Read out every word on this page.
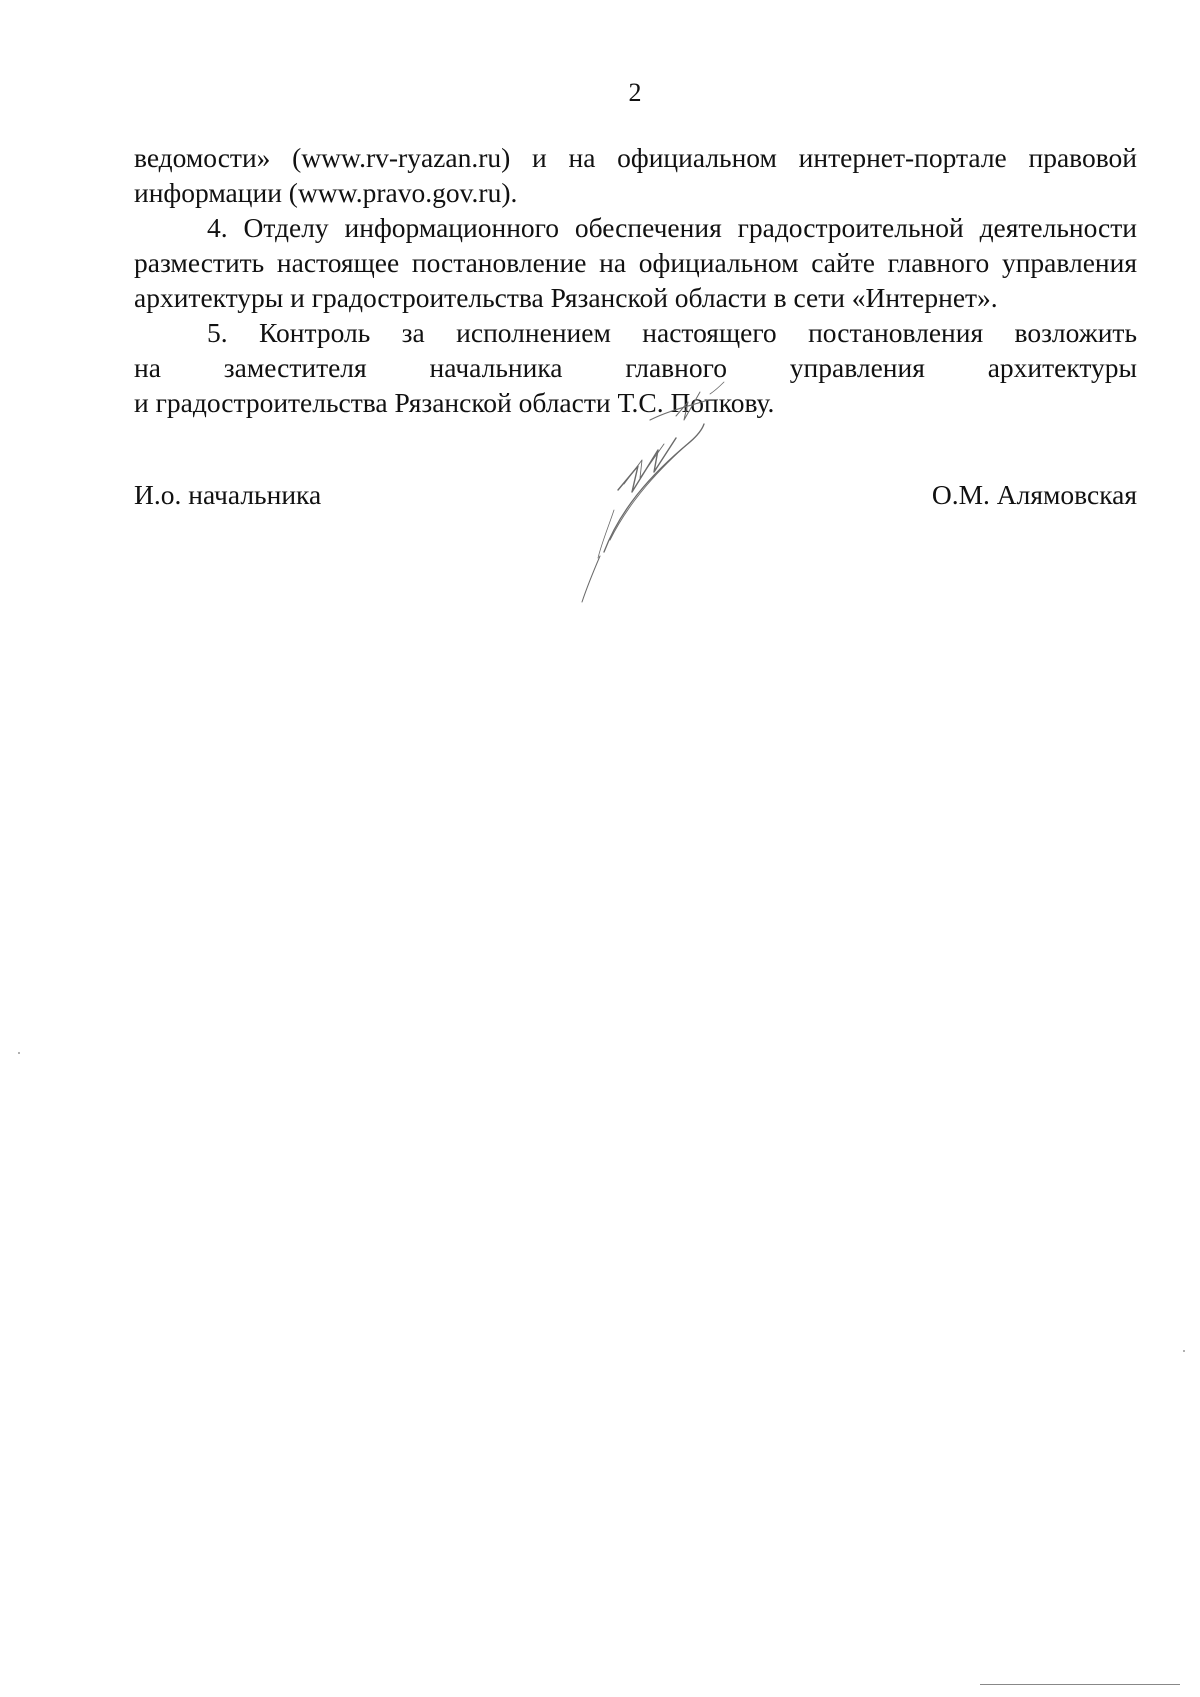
2
ведомости» (www.rv-ryazan.ru) и на официальном интернет-портале правовой
информации (www.pravo.gov.ru).
4. Отделу информационного обеспечения градостроительной деятельности
разместить настоящее постановление на официальном сайте главного управления
архитектуры и градостроительства Рязанской области в сети «Интернет».
5. Контроль за исполнением настоящего постановления возложить
на заместителя начальника главного управления архитектуры
и градостроительства Рязанской области Т.С. Попкову.
И.о. начальника	О.М. Алямовская
